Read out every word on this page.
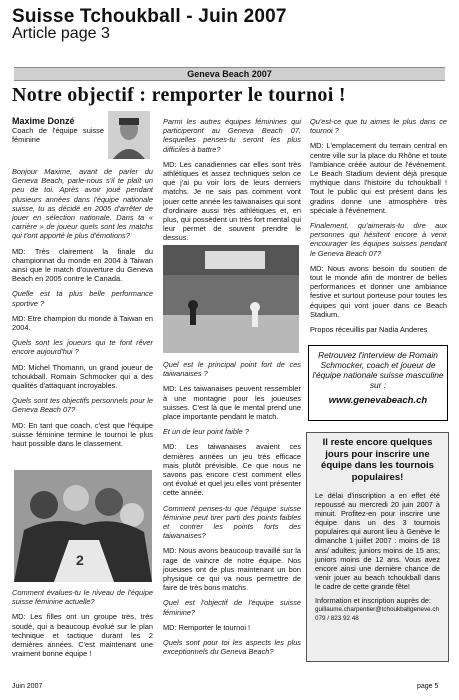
Suisse Tchoukball - Juin 2007
Article page 3
Geneva Beach 2007
Notre objectif : remporter le tournoi !
Maxime Donzé
Coach de l'équipe suisse féminine

Bonjour Maxime, avant de parler du Geneva Beach, parle-nous s'il te plaît un peu de toi. Après avoir joué pendant plusieurs années dans l'équipe nationale suisse, tu as décidé en 2005 d'arrêter de jouer en sélection nationale. Dans ta « carrière » de joueur quels sont les matchs qui t'ont apporté le plus d'émotions?

MD: Très clairement la finale du championnat du monde en 2004 à Taiwan ainsi que le match d'ouverture du Geneva Beach en 2005 contre le Canada.

Quelle est ta plus belle performance sportive ?

MD: Etre champion du monde à Taiwan en 2004.

Quels sont les joueurs qui te font rêver encore aujourd'hui ?

MD: Michel Thomann, un grand joueur de tchoukball. Romain Schmocker qui a des qualités d'attaquant incroyables.

Quels sont tes objectifs personnels pour le Geneva Beach 07?

MD: En tant que coach, c'est que l'équipe suisse féminine termine le tournoi le plus haut possible dans le classement.

2

Comment évalues-tu le niveau de l'équipe suisse féminine actuelle?

MD: Les filles ont un groupe très, très soudé, qui a beaucoup évolué sur le plan technique et tactique durant les 2 dernières années. C'est maintenant une vraiment bonne équipe !

Parmi les autres équipes féminines qui participeront au Geneva Beach 07, lesquelles penses-tu seront les plus difficiles à battre?

MD: Les canadiennes car elles sont très athlétiques et assez techniques selon ce que j'ai pu voir lors de leurs derniers matchs. Je ne sais pas comment vont jouer cette année les taiwanaises qui sont d'ordinaire aussi très athlétiques et, en plus, qui possèdent un très fort mental qui leur permet de souvent prendre le dessus.

Quel est le principal point fort de ces taiwanaises ?

MD: Les taiwanaises peuvent ressembler à une montagne pour les joueuses suisses. C'est là que le mental prend une place importante pendant le match.

Et un de leur point faible ?

MD: Les taiwanaises avaient ces dernières années un jeu très efficace mais plutôt prévisible. Ce que nous ne savons pas encore c'est comment elles ont évolué et quel jeu elles vont présenter cette année.

Comment penses-tu que l'équipe suisse féminine peut tirer parti des points faibles et contrer les points forts des taiwanaises?

MD: Nous avons beaucoup travaillé sur la rage de vaincre de notre équipe. Nos joueuses ont de plus maintenant un bon physique ce qui va nous permettre de faire de très bons matchs.

Quel est l'objectif de l'équipe suisse féminine?

MD: Remporter le tournoi !

Quels sont pour toi les aspects les plus exceptionnels du Geneva Beach?

Qu'est-ce que tu aimes le plus dans ce tournoi ?

MD: L'emplacement du terrain central en centre ville sur la place du Rhône et toute l'ambiance créée autour de l'événement. Le Beach Stadium devient déjà presque mythique dans l'histoire du tchoukball ! Tout le public qui est présent dans les gradins donne une atmosphère très spéciale à l'événement.

Finalement, qu'aimerais-tu dire aux personnes qui hésitent encore à venir encourager les équipes suisses pendant le Geneva Beach 07?

MD: Nous avons besoin du soutien de tout le monde afin de montrer de belles performances et donner une ambiance festive et surtout porteuse pour toutes les équipes qui vont jouer dans ce Beach Stadium.

Propos réceuillis par Nadia Anderes

Retrouvez l'interview de Romain Schmocker, coach et joueur de l'équipe nationale suisse masculine sur :
www.genevabeach.ch
Il reste encore quelques jours pour inscrire une équipe dans les tournois populaires!

Le délai d'inscription a en effet été repoussé au mercredi 20 juin 2007 à minuit. Profitez-en pour inscrire une équipe dans un des 3 tournois populaires qui auront lieu à Genève le dimanche 1 juillet 2007 : moins de 18 ans/ adultes; juniors moins de 15 ans; juniors moins de 12 ans. Vous avez encore ainsi une dernière chance de venir jouer au beach tchoukball dans le cadre de cette grande fête!

Information et inscription auprès de:
guillaume.charpentier@tchoukballgeneve.ch
079 / 823 92 48
Juin 2007	page 5
